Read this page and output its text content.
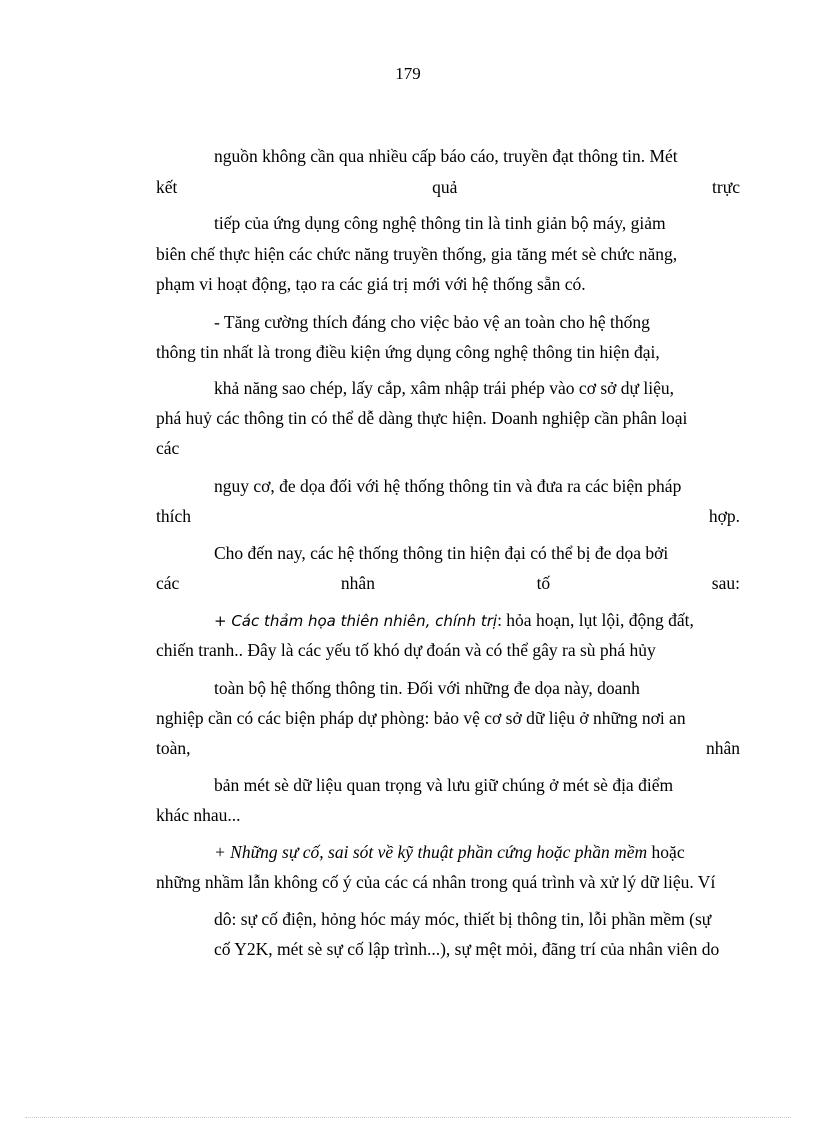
179
nguồn không cần qua nhiều cấp báo cáo, truyền đạt thông tin. Mét
kết	quả	trực
tiếp của ứng dụng công nghệ thông tin là tinh giản bộ máy, giảm
biên chế thực hiện các chức năng truyền thống, gia tăng mét sè chức năng,
phạm vi hoạt động, tạo ra các giá trị mới với hệ thống sẵn có.
- Tăng cường thích đáng cho việc bảo vệ an toàn cho hệ thống
thông tin nhất là trong điều kiện ứng dụng công nghệ thông tin hiện đại,
khả năng sao chép, lấy cắp, xâm nhập trái phép vào cơ sở dự liệu,
phá huỷ các thông tin có thể dễ dàng thực hiện. Doanh nghiệp cần phân loại
các
nguy cơ, đe dọa đối với hệ thống thông tin và đưa ra các biện pháp
thích	hợp.
Cho đến nay, các hệ thống thông tin hiện đại có thể bị đe dọa bởi
các	nhân	tố	sau:
+ Các thảm họa thiên nhiên, chính trị: hỏa hoạn, lụt lội, động đất,
chiến tranh.. Đây là các yếu tố khó dự đoán và có thể gây ra sù phá hủy
toàn bộ hệ thống thông tin. Đối với những đe dọa này, doanh
nghiệp cần có các biện pháp dự phòng: bảo vệ cơ sở dữ liệu ở những nơi an
toàn,	nhân
bản mét sè dữ liệu quan trọng và lưu giữ chúng ở mét sè địa điểm
khác nhau...
+ Những sự cố, sai sót về kỹ thuật phần cứng hoặc phần mềm hoặc
những nhầm lẫn không cố ý của các cá nhân trong quá trình và xử lý dữ liệu. Ví
dô: sự cố điện, hỏng hóc máy móc, thiết bị thông tin, lỗi phần mềm (sự
cố Y2K, mét sè sự cố lập trình...), sự mệt mỏi, đãng trí của nhân viên do
